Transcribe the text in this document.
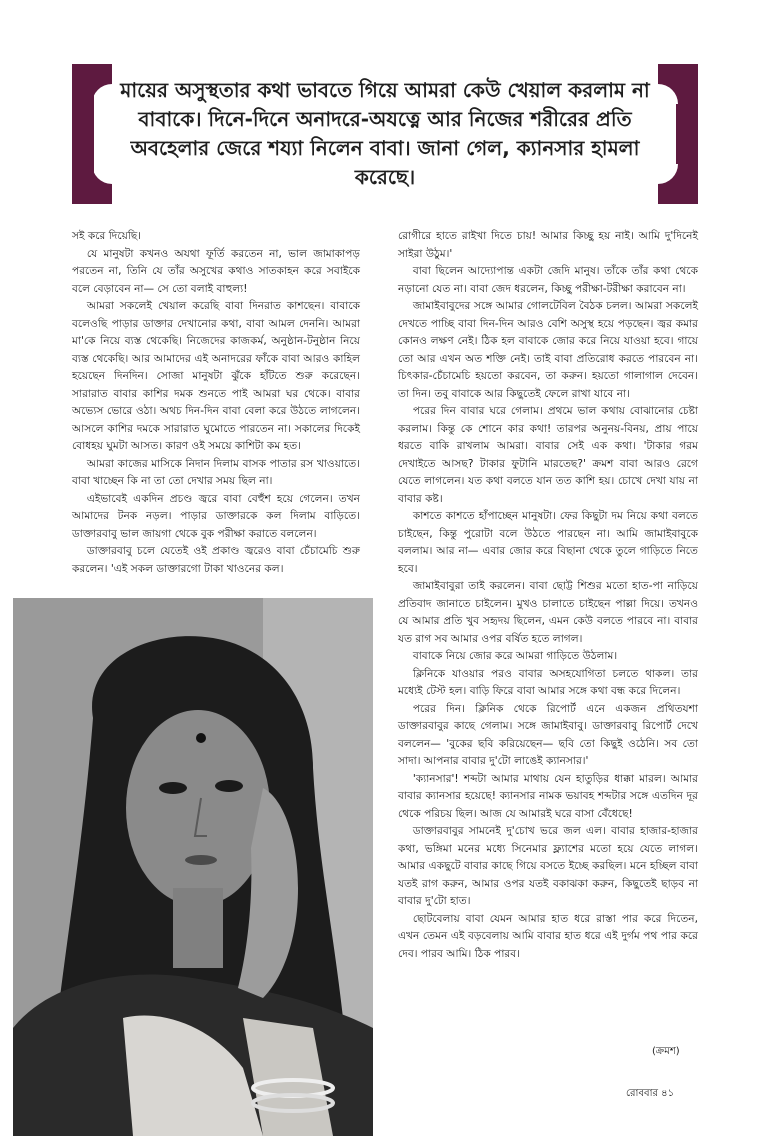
মায়ের অসুস্থতার কথা ভাবতে গিয়ে আমরা কেউ খেয়াল করলাম না বাবাকে। দিনে-দিনে অনাদরে-অযত্নে আর নিজের শরীরের প্রতি অবহেলার জেরে শয্যা নিলেন বাবা। জানা গেল, ক্যানসার হামলা করেছে।

সই করে দিয়েছি।

যে মানুষটা কখনও অযথা ফূর্তি করতেন না, ভাল জামাকাপড় পরতেন না, তিনি যে তাঁর অসুখের কথাও সাতকাহন করে সবাইকে বলে বেড়াবেন না— সে তো বলাই বাহুল্য!

আমরা সকলেই খেয়াল করেছি বাবা দিনরাত কাশছেন। বাবাকে বলেওছি পাড়ার ডাক্তার দেখানোর কথা, বাবা আমল দেননি। আমরা মা'কে নিয়ে ব্যস্ত থেকেছি। নিজেদের কাজকর্ম, অনুষ্ঠান-টনুষ্ঠান নিয়ে ব্যস্ত থেকেছি। আর আমাদের এই অনাদরের ফাঁকে বাবা আরও কাহিল হয়েছেন দিনদিন। সোজা মানুষটা ঝুঁকে হাঁটতে শুরু করেছেন। সারারাত বাবার কাশির দমক শুনতে পাই আমরা ঘর থেকে। বাবার অভ্যেস ভোরে ওঠা। অথচ দিন-দিন বাবা বেলা করে উঠতে লাগলেন। আসলে কাশির দমকে সারারাত ঘুমোতে পারতেন না। সকালের দিকেই বোধহয় ঘুমটা আসত। কারণ ওই সময়ে কাশিটা কম হত।

আমরা কাজের মাসিকে নিদান দিলাম বাসক পাতার রস খাওয়াতে। বাবা খাচ্ছেন কি না তা তো দেখার সময় ছিল না।

এইভাবেই একদিন প্রচণ্ড জ্বরে বাবা বেহুঁশ হয়ে গেলেন। তখন আমাদের টনক নড়ল। পাড়ার ডাক্তারকে কল দিলাম বাড়িতে। ডাক্তারবাবু ভাল জায়গা থেকে বুক পরীক্ষা করাতে বললেন।

ডাক্তারবাবু চলে যেতেই ওই প্রকাণ্ড জ্বরেও বাবা চেঁচামেচি শুরু করলেন। 'এই সকল ডাক্তারগো টাকা খাওনের কল।

রোগীরে হাতে রাইখা দিতে চায়! আমার কিচ্ছু হয় নাই। আমি দু'দিনেই সাইরা উঠুম।'

বাবা ছিলেন আদ্যোপান্ত একটা জেদি মানুষ। তাঁকে তাঁর কথা থেকে নড়ানো যেত না। বাবা জেদ ধরলেন, কিচ্ছু পরীক্ষা-টরীক্ষা করাবেন না।

জামাইবাবুদের সঙ্গে আমার গোলটেবিল বৈঠক চলল। আমরা সকলেই দেখতে পাচ্ছি বাবা দিন-দিন আরও বেশি অসুস্থ হয়ে পড়ছেন। জ্বর কমার কোনও লক্ষণ নেই। ঠিক হল বাবাকে জোর করে নিয়ে যাওয়া হবে। গায়ে তো আর এখন অত শক্তি নেই। তাই বাবা প্রতিরোধ করতে পারবেন না। চিৎকার-চেঁচামেচি হয়তো করবেন, তা করুন। হয়তো গালাগাল দেবেন। তা দিন। তবু বাবাকে আর কিছুতেই ফেলে রাখা যাবে না।

পরের দিন বাবার ঘরে গেলাম। প্রথমে ভাল কথায় বোঝানোর চেষ্টা করলাম। কিন্তু কে শোনে কার কথা! তারপর অনুনয়-বিনয়, প্রায় পায়ে ধরতে বাকি রাখলাম আমরা। বাবার সেই এক কথা। 'টাকার গরম দেখাইতে আসছ? টাকার ফুটানি মারতেছ?' ক্রমশ বাবা আরও রেগে যেতে লাগলেন। যত কথা বলতে যান তত কাশি হয়। চোখে দেখা যায় না বাবার কষ্ট।

কাশতে কাশতে হাঁপাচ্ছেন মানুষটা। ফের কিছুটা দম নিয়ে কথা বলতে চাইছেন, কিন্তু পুরোটা বলে উঠতে পারছেন না। আমি জামাইবাবুকে বললাম। আর না— এবার জোর করে বিছানা থেকে তুলে গাড়িতে নিতে হবে।

জামাইবাবুরা তাই করলেন। বাবা ছোট্ট শিশুর মতো হাত-পা নাড়িয়ে প্রতিবাদ জানাতে চাইলেন। মুখও চালাতে চাইছেন পাল্লা দিয়ে। তখনও যে আমার প্রতি খুব সহৃদয় ছিলেন, এমন কেউ বলতে পারবে না। বাবার যত রাগ সব আমার ওপর বর্ষিত হতে লাগল।

বাবাকে নিয়ে জোর করে আমরা গাড়িতে উঠলাম।

ক্লিনিকে যাওয়ার পরও বাবার অসহযোগিতা চলতে থাকল। তার মধ্যেই টেস্ট হল। বাড়ি ফিরে বাবা আমার সঙ্গে কথা বন্ধ করে দিলেন।

পরের দিন। ক্লিনিক থেকে রিপোর্ট এনে একজন প্রথিতযশা ডাক্তারবাবুর কাছে গেলাম। সঙ্গে জামাইবাবু। ডাক্তারবাবু রিপোর্ট দেখে বললেন— 'বুকের ছবি করিয়েছেন— ছবি তো কিছুই ওঠেনি। সব তো সাদা। আপনার বাবার দু'টো লাঙেই ক্যানসার।'

'ক্যানসার'! শব্দটা আমার মাথায় যেন হাতুড়ির ধাক্কা মারল। আমার বাবার ক্যানসার হয়েছে! ক্যানসার নামক ভয়াবহ শব্দটার সঙ্গে এতদিন দূর থেকে পরিচয় ছিল। আজ যে আমারই ঘরে বাসা বেঁধেছে!

ডাক্তারবাবুর সামনেই দু'চোখ ভরে জল এল। বাবার হাজার-হাজার কথা, ভঙ্গিমা মনের মধ্যে সিনেমার ফ্ল্যাশের মতো হয়ে যেতে লাগল। আমার একছুটে বাবার কাছে গিয়ে বসতে ইচ্ছে করছিল। মনে হচ্ছিল বাবা যতই রাগ করুন, আমার ওপর যতই বকাঝকা করুন, কিছুতেই ছাড়ব না বাবার দু'টো হাত।

ছোটবেলায় বাবা যেমন আমার হাত ধরে রাস্তা পার করে দিতেন, এখন তেমন এই বড়বেলায় আমি বাবার হাত ধরে এই দুর্গম পথ পার করে দেব। পারব আমি। ঠিক পারব।

(ক্রমশ)
রোববার ৪১
